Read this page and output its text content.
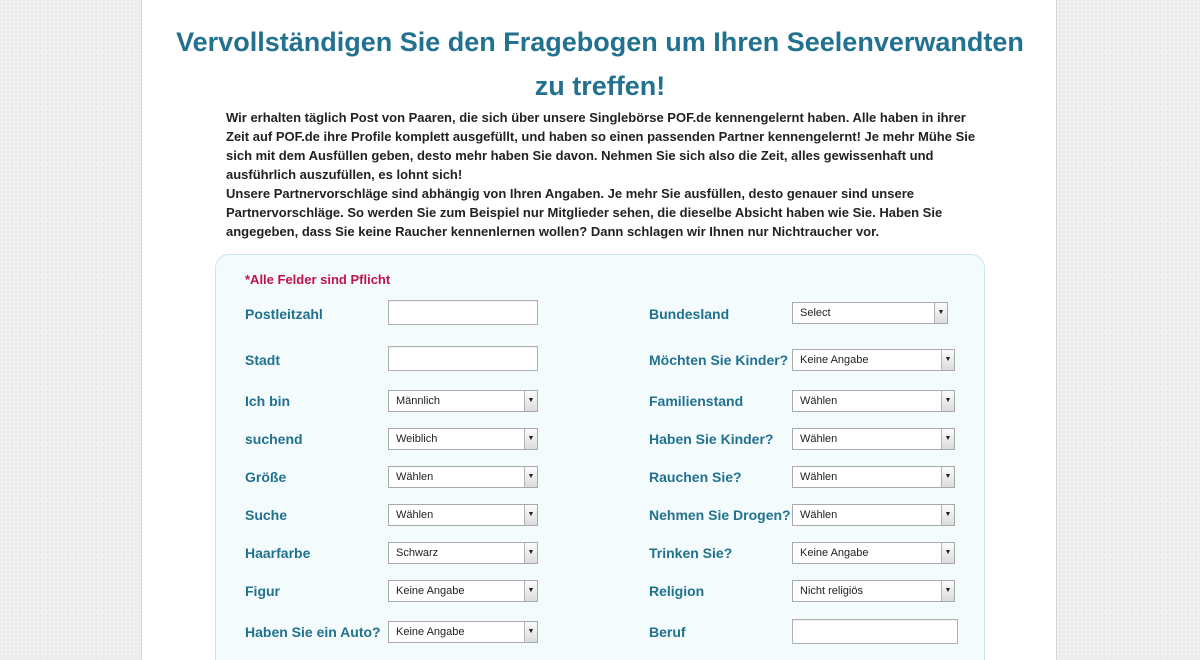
Vervollständigen Sie den Fragebogen um Ihren Seelenverwandten zu treffen!

Wir erhalten täglich Post von Paaren, die sich über unsere Singlebörse POF.de kennengelernt haben. Alle haben in ihrer Zeit auf POF.de ihre Profile komplett ausgefüllt, und haben so einen passenden Partner kennengelernt! Je mehr Mühe Sie sich mit dem Ausfüllen geben, desto mehr haben Sie davon. Nehmen Sie sich also die Zeit, alles gewissenhaft und ausführlich auszufüllen, es lohnt sich!

Unsere Partnervorschläge sind abhängig von Ihren Angaben. Je mehr Sie ausfüllen, desto genauer sind unsere Partnervorschläge. So werden Sie zum Beispiel nur Mitglieder sehen, die dieselbe Absicht haben wie Sie. Haben Sie angegeben, dass Sie keine Raucher kennenlernen wollen? Dann schlagen wir Ihnen nur Nichtraucher vor.

*Alle Felder sind Pflicht
Postleitzahl
Stadt
Ich bin	Männlich	▼
suchend	Weiblich	▼
Größe	Wählen	▼
Suche	Wählen	▼
Haarfarbe	Schwarz	▼
Figur	Keine Angabe	▼
Haben Sie ein Auto?	Keine Angabe	▼
Bundesland	Select	▼
Möchten Sie Kinder?	Keine Angabe	▼
Familienstand	Wählen	▼
Haben Sie Kinder?	Wählen	▼
Rauchen Sie?	Wählen	▼
Nehmen Sie Drogen? Wählen	▼
Trinken Sie?	Keine Angabe	▼
Religion	Nicht religiös	▼
Beruf
